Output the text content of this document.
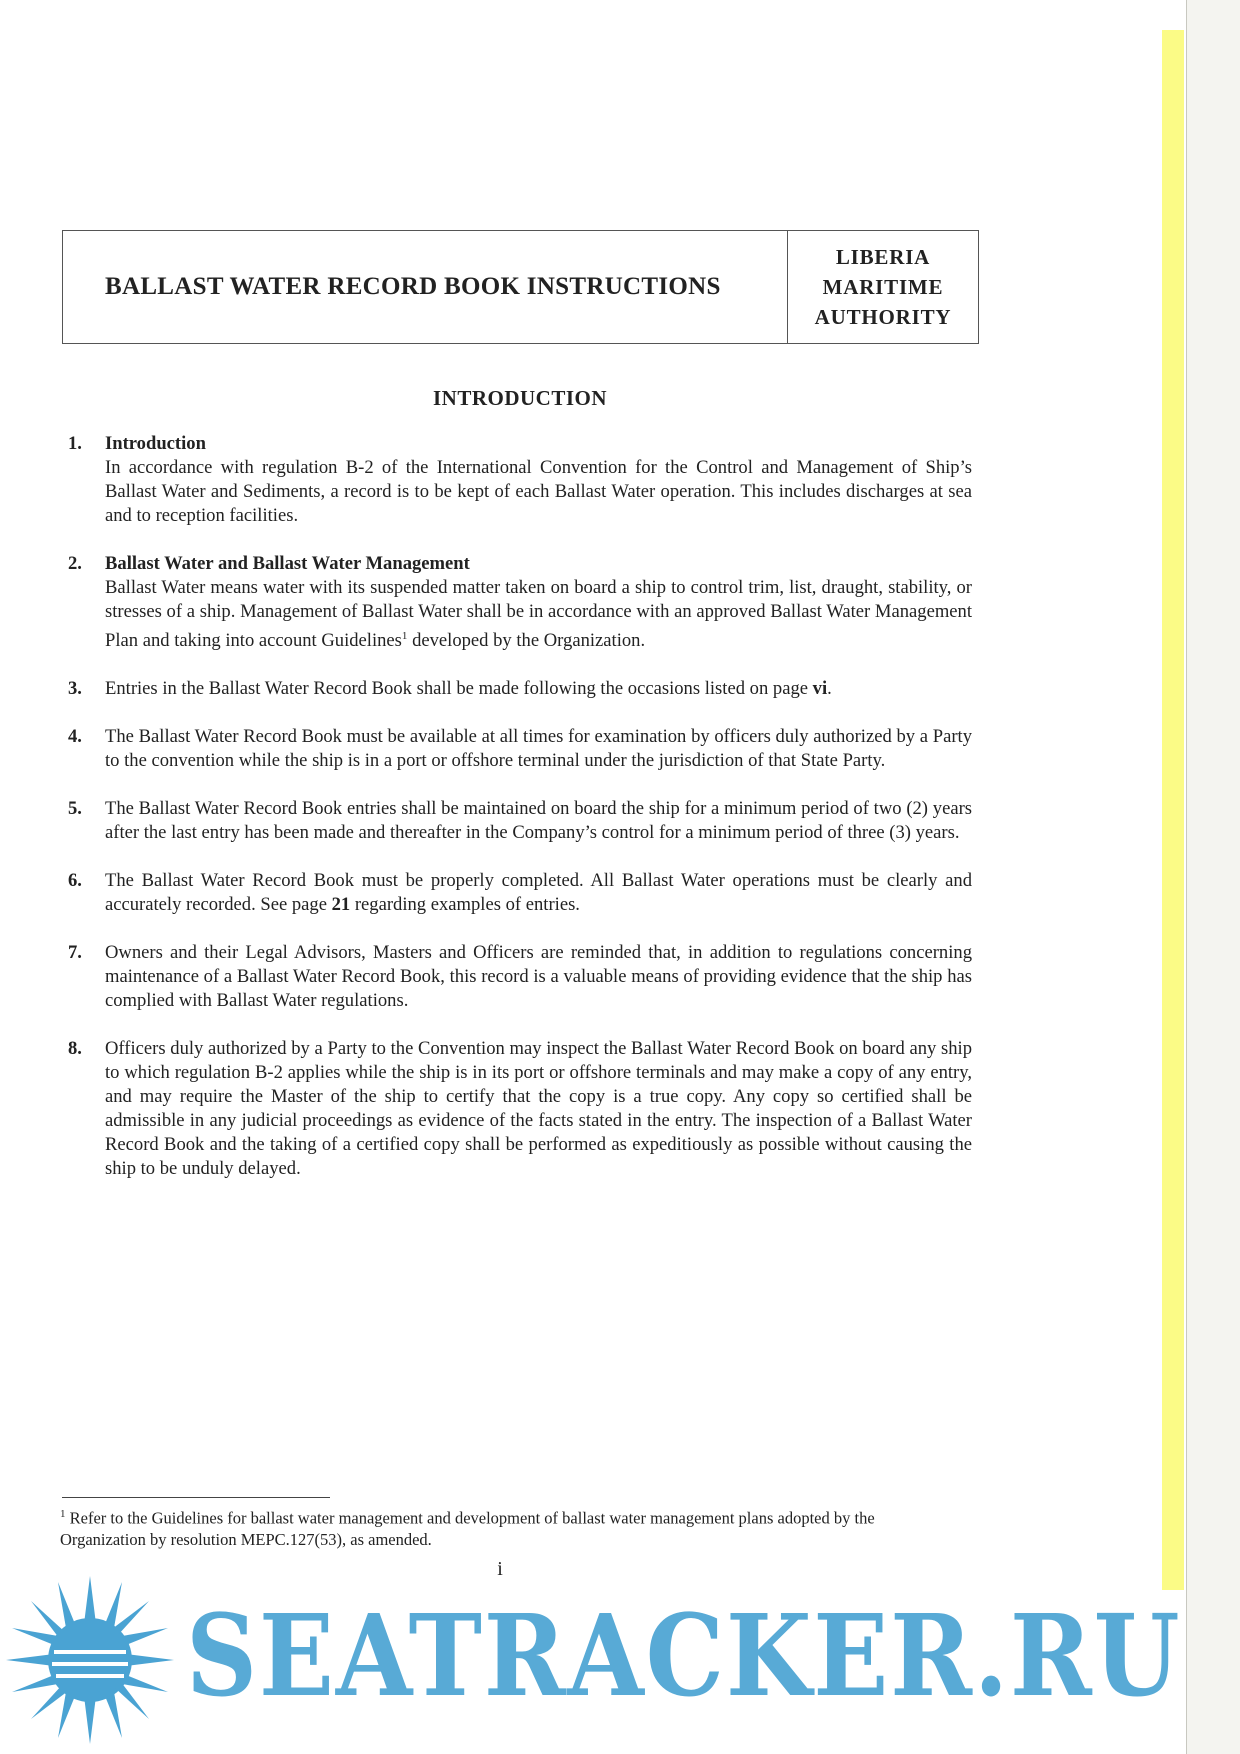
BALLAST WATER RECORD BOOK INSTRUCTIONS
LIBERIA
MARITIME
AUTHORITY
INTRODUCTION
1.	Introduction
In accordance with regulation B-2 of the International Convention for the Control and Management of Ship’s Ballast Water and Sediments, a record is to be kept of each Ballast Water operation. This includes discharges at sea and to reception facilities.
2.	Ballast Water and Ballast Water Management
Ballast Water means water with its suspended matter taken on board a ship to control trim, list, draught, stability, or stresses of a ship. Management of Ballast Water shall be in accordance with an approved Ballast Water Management Plan and taking into account Guidelines$^1$ developed by the Organization.
3.	Entries in the Ballast Water Record Book shall be made following the occasions listed on page vi.
4.	The Ballast Water Record Book must be available at all times for examination by officers duly authorized by a Party to the convention while the ship is in a port or offshore terminal under the jurisdiction of that State Party.
5.	The Ballast Water Record Book entries shall be maintained on board the ship for a minimum period of two (2) years after the last entry has been made and thereafter in the Company’s control for a minimum period of three (3) years.
6.	The Ballast Water Record Book must be properly completed. All Ballast Water operations must be clearly and accurately recorded. See page 21 regarding examples of entries.
7.	Owners and their Legal Advisors, Masters and Officers are reminded that, in addition to regulations concerning maintenance of a Ballast Water Record Book, this record is a valuable means of providing evidence that the ship has complied with Ballast Water regulations.
8.	Officers duly authorized by a Party to the Convention may inspect the Ballast Water Record Book on board any ship to which regulation B-2 applies while the ship is in its port or offshore terminals and may make a copy of any entry, and may require the Master of the ship to certify that the copy is a true copy. Any copy so certified shall be admissible in any judicial proceedings as evidence of the facts stated in the entry. The inspection of a Ballast Water Record Book and the taking of a certified copy shall be performed as expeditiously as possible without causing the ship to be unduly delayed.
$^1$ Refer to the Guidelines for ballast water management and development of ballast water management plans adopted by the Organization by resolution MEPC.127(53), as amended.
i
SEATRACKER.RU
